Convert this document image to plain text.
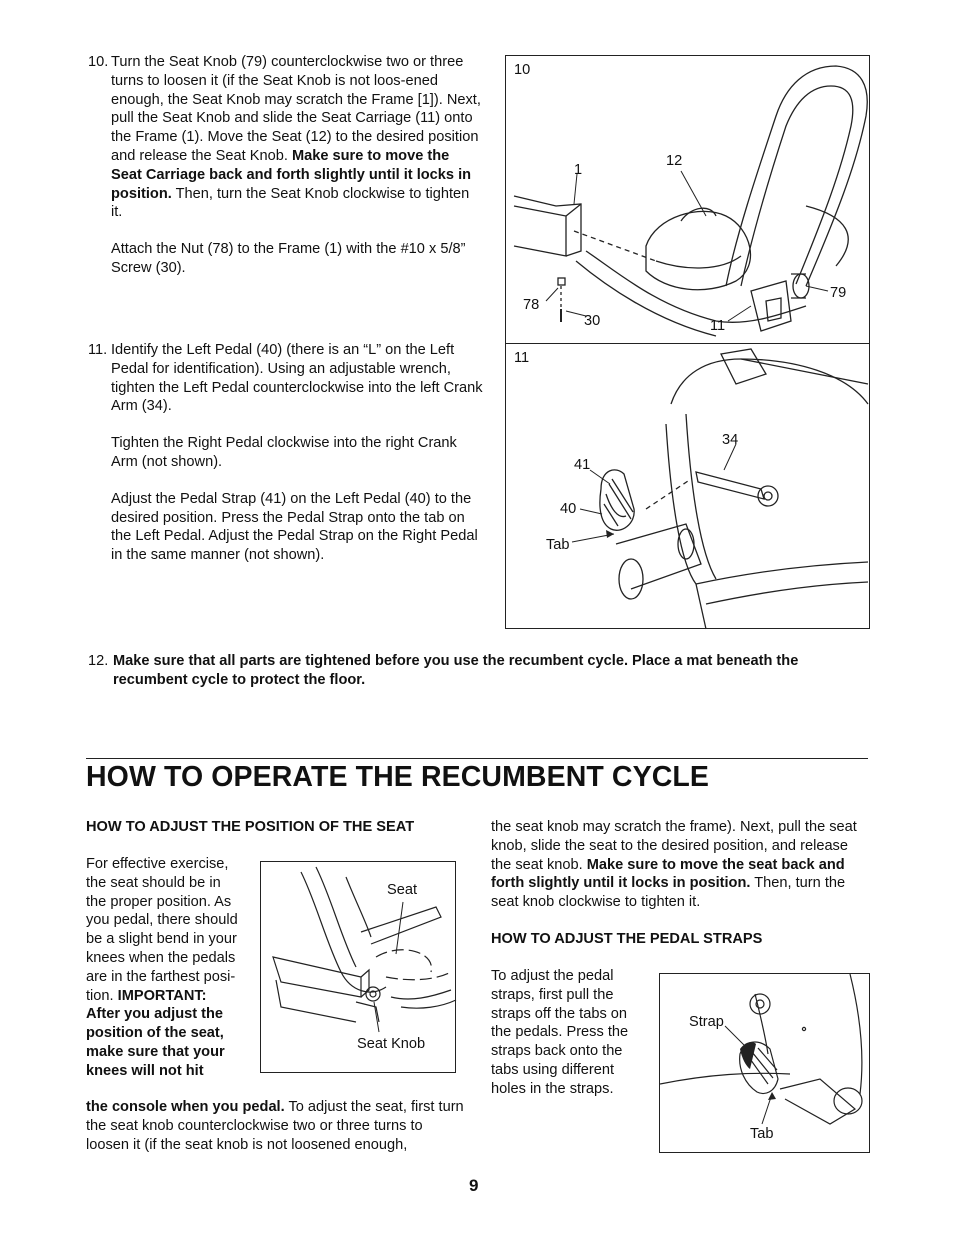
10. Turn the Seat Knob (79) counterclockwise two or three turns to loosen it (if the Seat Knob is not loos-ened enough, the Seat Knob may scratch the Frame [1]). Next, pull the Seat Knob and slide the Seat Carriage (11) onto the Frame (1). Move the Seat (12) to the desired position and release the Seat Knob. Make sure to move the Seat Carriage back and forth slightly until it locks in position. Then, turn the Seat Knob clockwise to tighten it.

Attach the Nut (78) to the Frame (1) with the #10 x 5/8” Screw (30).

10
1
12
78
30	11
79
11. Identify the Left Pedal (40) (there is an “L” on the Left Pedal for identification). Using an adjustable wrench, tighten the Left Pedal counterclockwise into the left Crank Arm (34).

Tighten the Right Pedal clockwise into the right Crank Arm (not shown).

Adjust the Pedal Strap (41) on the Left Pedal (40) to the desired position. Press the Pedal Strap onto the tab on the Left Pedal. Adjust the Pedal Strap on the Right Pedal in the same manner (not shown).

11
34
41
40
Tab
12. Make sure that all parts are tightened before you use the recumbent cycle. Place a mat beneath the recumbent cycle to protect the floor.
HOW TO OPERATE THE RECUMBENT CYCLE
HOW TO ADJUST THE POSITION OF THE SEAT
For effective exercise, the seat should be in the proper position. As you pedal, there should be a slight bend in your knees when the pedals are in the farthest posi-tion. IMPORTANT: After you adjust the position of the seat, make sure that your knees will not hit
the console when you pedal. To adjust the seat, first turn the seat knob counterclockwise two or three turns to loosen it (if the seat knob is not loosened enough,
Seat
Seat Knob
the seat knob may scratch the frame). Next, pull the seat knob, slide the seat to the desired position, and release the seat knob. Make sure to move the seat back and forth slightly until it locks in position. Then, turn the seat knob clockwise to tighten it.
HOW TO ADJUST THE PEDAL STRAPS
To adjust the pedal straps, first pull the straps off the tabs on the pedals. Press the straps back onto the tabs using different holes in the straps.
Strap
Tab
9
